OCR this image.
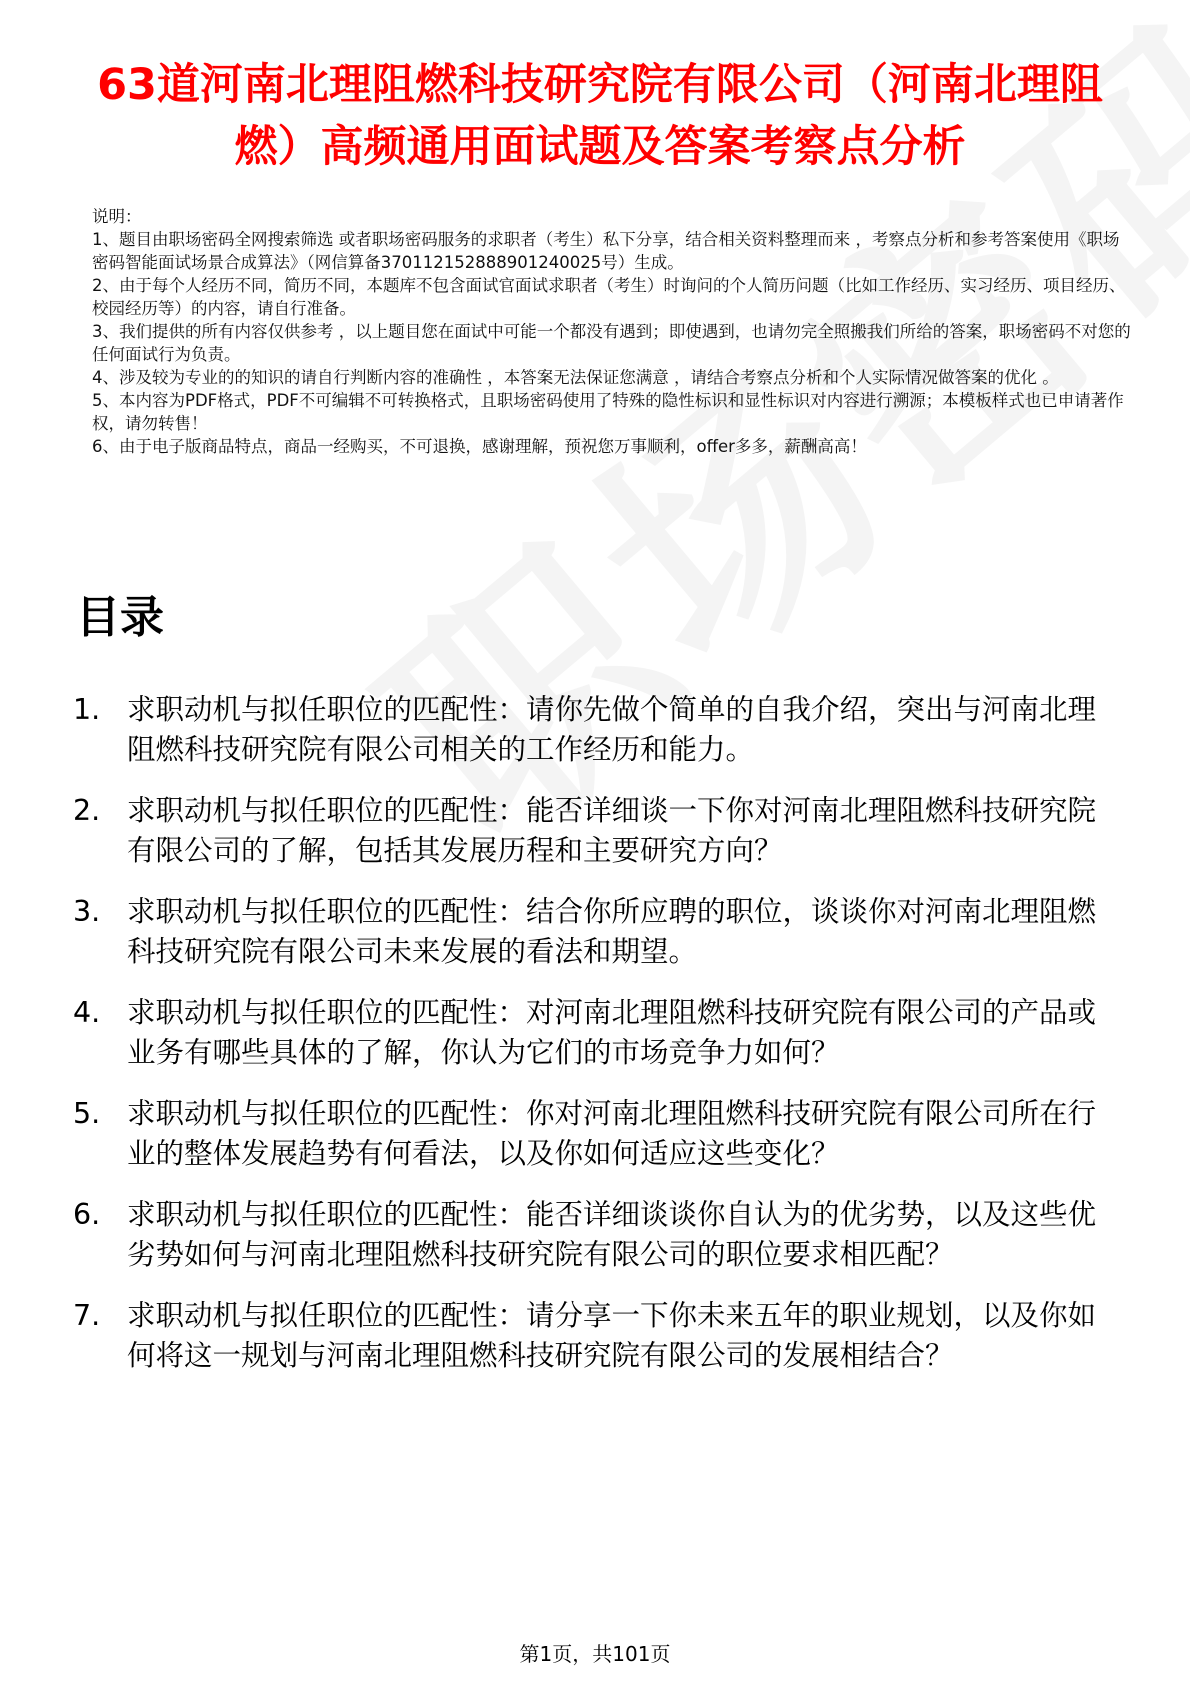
63道河南北理阻燃科技研究院有限公司（河南北理阻燃）高频通用面试题及答案考察点分析

说明：

1、题目由职场密码全网搜索筛选 或者职场密码服务的求职者（考生）私下分享，结合相关资料整理而来 ，考察点分析和参考答案使用《职场密码智能面试场景合成算法》（网信算备370112152888901240025号）生成。

2、由于每个人经历不同，简历不同，本题库不包含面试官面试求职者（考生）时询问的个人简历问题（比如工作经历、实习经历、项目经历、校园经历等）的内容，请自行准备。

3、我们提供的所有内容仅供参考 ，以上题目您在面试中可能一个都没有遇到；即使遇到，也请勿完全照搬我们所给的答案，职场密码不对您的任何面试行为负责。

4、涉及较为专业的的知识的请自行判断内容的准确性 ，本答案无法保证您满意 ，请结合考察点分析和个人实际情况做答案的优化 。

5、本内容为PDF格式，PDF不可编辑不可转换格式，且职场密码使用了特殊的隐性标识和显性标识对内容进行溯源；本模板样式也已申请著作权，请勿转售！

6、由于电子版商品特点，商品一经购买，不可退换，感谢理解，预祝您万事顺利，offer多多，薪酬高高！

目录
1. 求职动机与拟任职位的匹配性：请你先做个简单的自我介绍，突出与河南北理阻燃科技研究院有限公司相关的工作经历和能力。
2. 求职动机与拟任职位的匹配性：能否详细谈一下你对河南北理阻燃科技研究院有限公司的了解，包括其发展历程和主要研究方向？
3. 求职动机与拟任职位的匹配性：结合你所应聘的职位，谈谈你对河南北理阻燃科技研究院有限公司未来发展的看法和期望。
4. 求职动机与拟任职位的匹配性：对河南北理阻燃科技研究院有限公司的产品或业务有哪些具体的了解，你认为它们的市场竞争力如何？
5. 求职动机与拟任职位的匹配性：你对河南北理阻燃科技研究院有限公司所在行业的整体发展趋势有何看法，以及你如何适应这些变化？
6. 求职动机与拟任职位的匹配性：能否详细谈谈你自认为的优劣势，以及这些优劣势如何与河南北理阻燃科技研究院有限公司的职位要求相匹配？
7. 求职动机与拟任职位的匹配性：请分享一下你未来五年的职业规划，以及你如何将这一规划与河南北理阻燃科技研究院有限公司的发展相结合？
第1页，共101页
